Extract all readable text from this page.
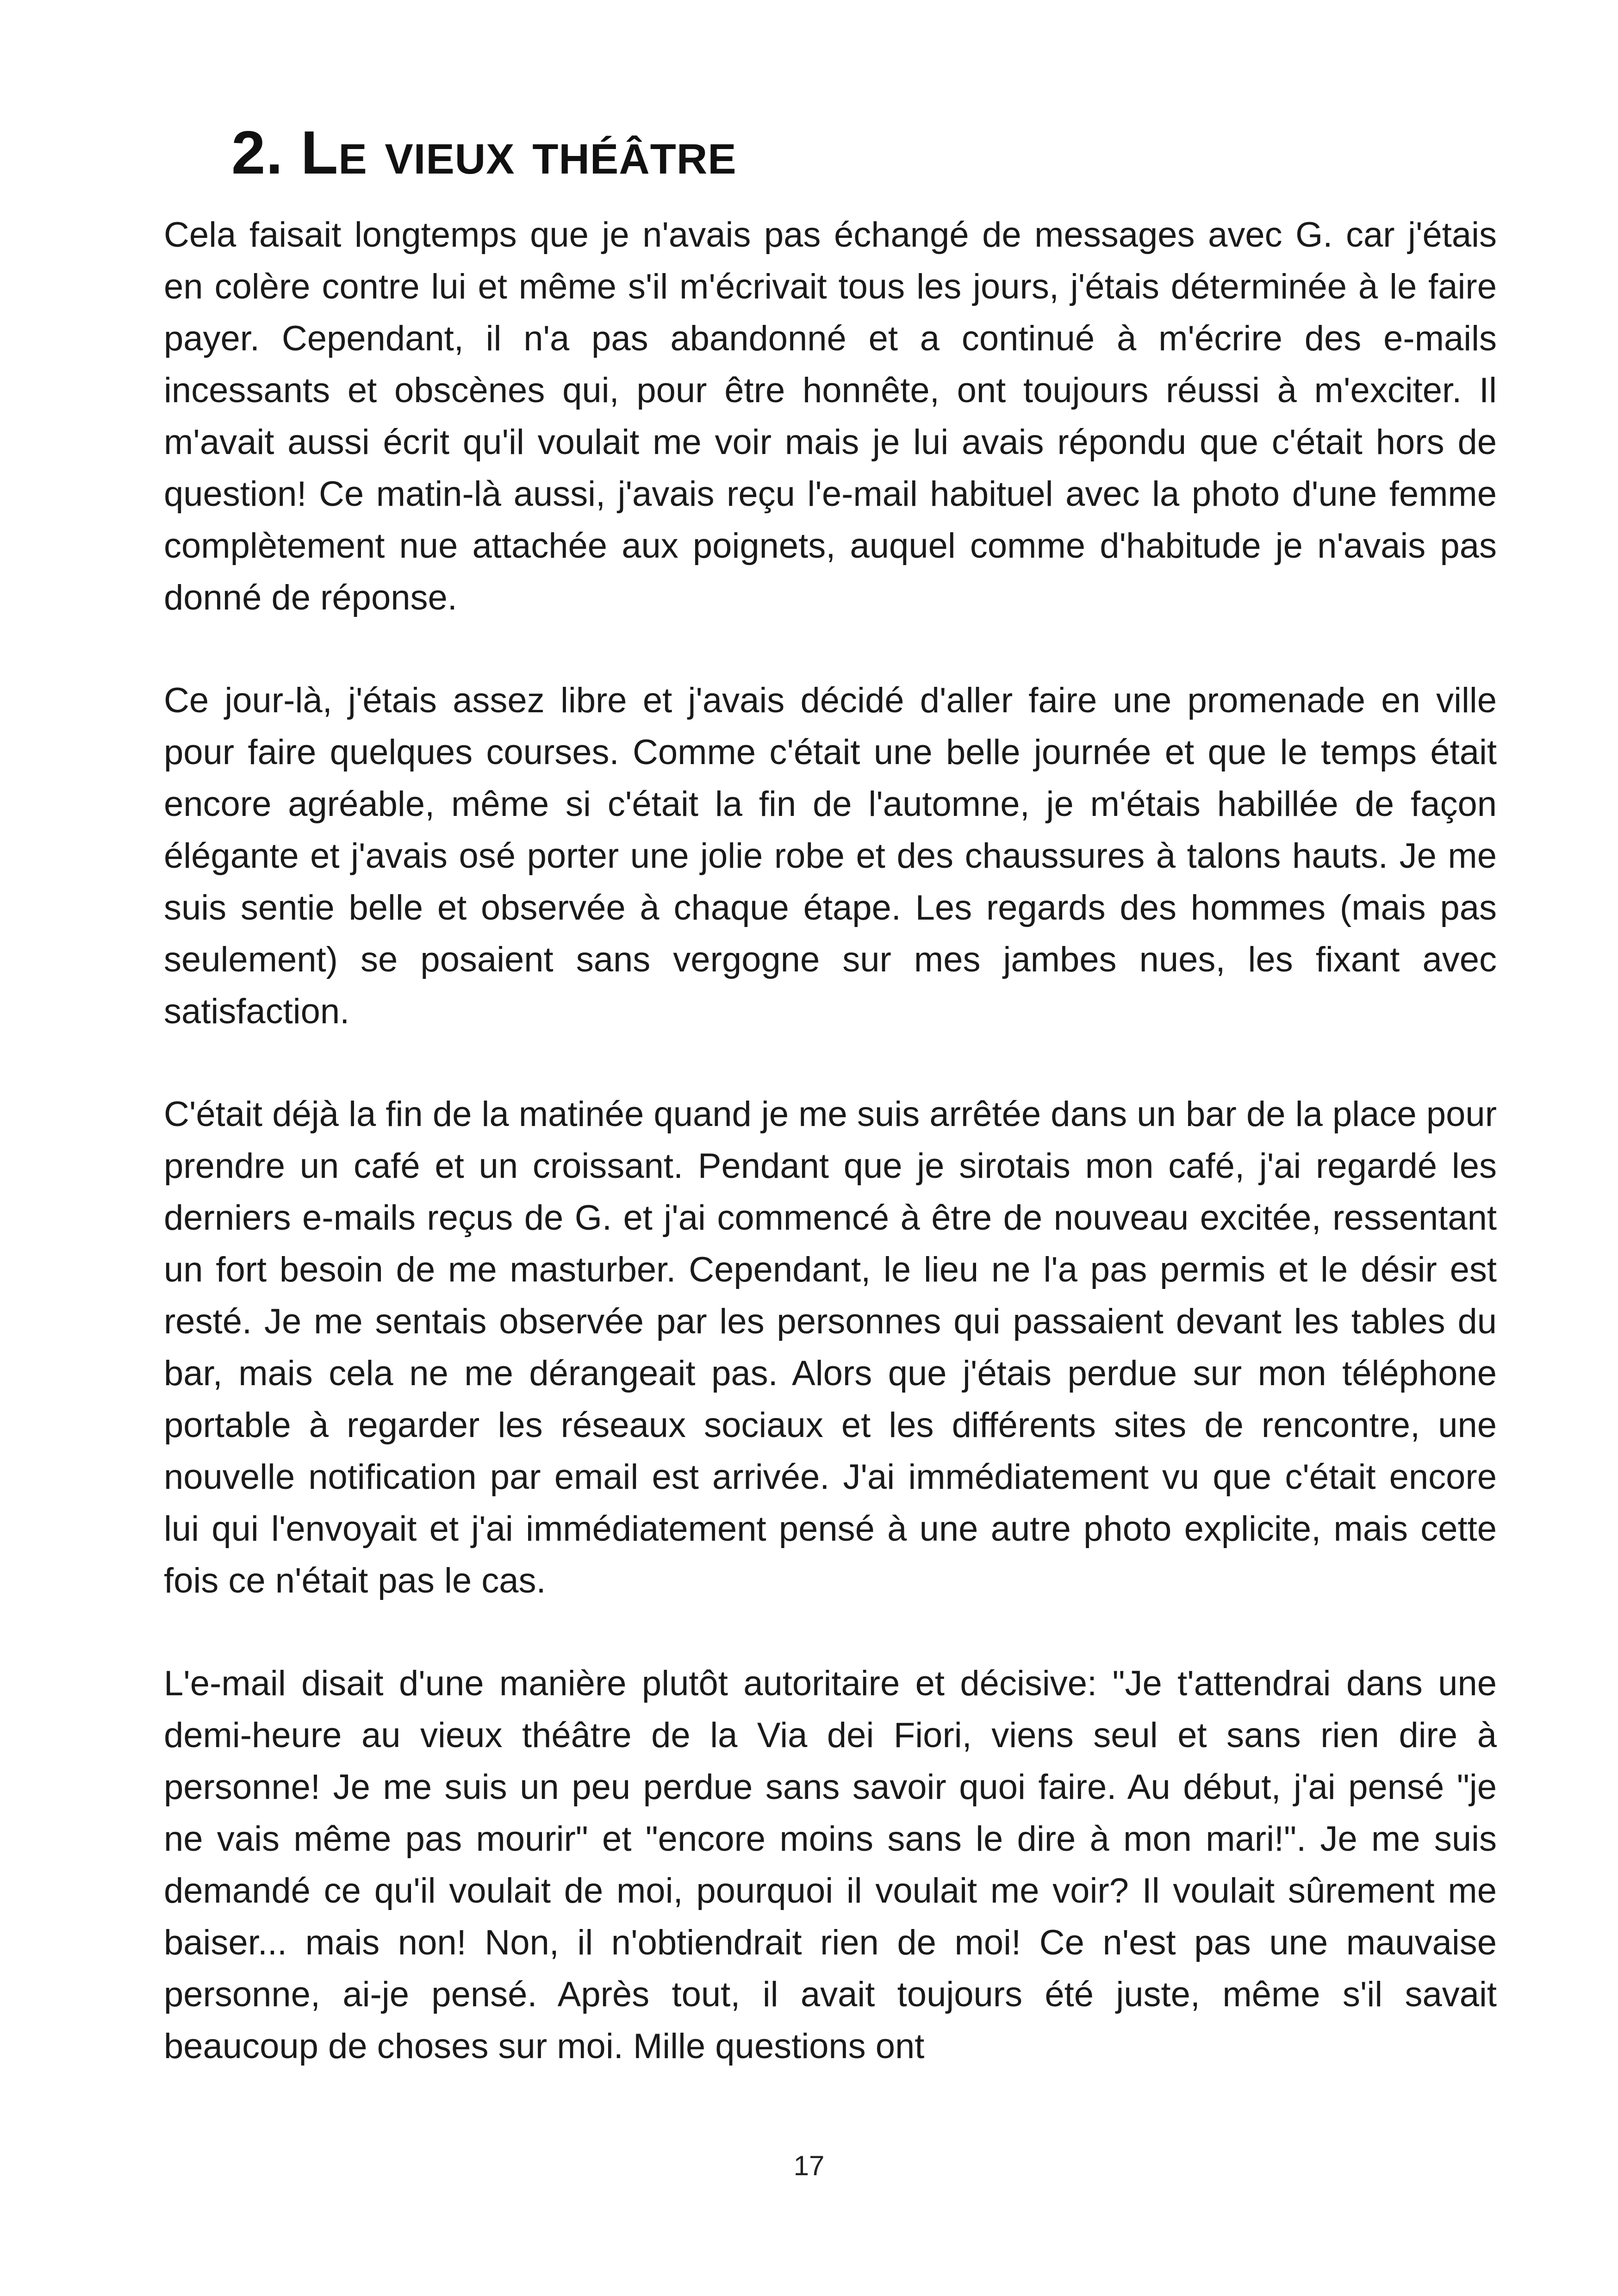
2. Le vieux théâtre

Cela faisait longtemps que je n'avais pas échangé de messages avec G. car j'étais en colère contre lui et même s'il m'écrivait tous les jours, j'étais déterminée à le faire payer. Cependant, il n'a pas abandonné et a continué à m'écrire des e-mails incessants et obscènes qui, pour être honnête, ont toujours réussi à m'exciter. Il m'avait aussi écrit qu'il voulait me voir mais je lui avais répondu que c'était hors de question! Ce matin-là aussi, j'avais reçu l'e-mail habituel avec la photo d'une femme complètement nue attachée aux poignets, auquel comme d'habitude je n'avais pas donné de réponse.

Ce jour-là, j'étais assez libre et j'avais décidé d'aller faire une promenade en ville pour faire quelques courses. Comme c'était une belle journée et que le temps était encore agréable, même si c'était la fin de l'automne, je m'étais habillée de façon élégante et j'avais osé porter une jolie robe et des chaussures à talons hauts. Je me suis sentie belle et observée à chaque étape. Les regards des hommes (mais pas seulement) se posaient sans vergogne sur mes jambes nues, les fixant avec satisfaction.

C'était déjà la fin de la matinée quand je me suis arrêtée dans un bar de la place pour prendre un café et un croissant. Pendant que je sirotais mon café, j'ai regardé les derniers e-mails reçus de G. et j'ai commencé à être de nouveau excitée, ressentant un fort besoin de me masturber. Cependant, le lieu ne l'a pas permis et le désir est resté. Je me sentais observée par les personnes qui passaient devant les tables du bar, mais cela ne me dérangeait pas. Alors que j'étais perdue sur mon téléphone portable à regarder les réseaux sociaux et les différents sites de rencontre, une nouvelle notification par email est arrivée. J'ai immédiatement vu que c'était encore lui qui l'envoyait et j'ai immédiatement pensé à une autre photo explicite, mais cette fois ce n'était pas le cas.

L'e-mail disait d'une manière plutôt autoritaire et décisive: "Je t'attendrai dans une demi-heure au vieux théâtre de la Via dei Fiori, viens seul et sans rien dire à personne! Je me suis un peu perdue sans savoir quoi faire. Au début, j'ai pensé "je ne vais même pas mourir" et "encore moins sans le dire à mon mari!". Je me suis demandé ce qu'il voulait de moi, pourquoi il voulait me voir? Il voulait sûrement me baiser... mais non! Non, il n'obtiendrait rien de moi! Ce n'est pas une mauvaise personne, ai-je pensé. Après tout, il avait toujours été juste, même s'il savait beaucoup de choses sur moi. Mille questions ont

17
